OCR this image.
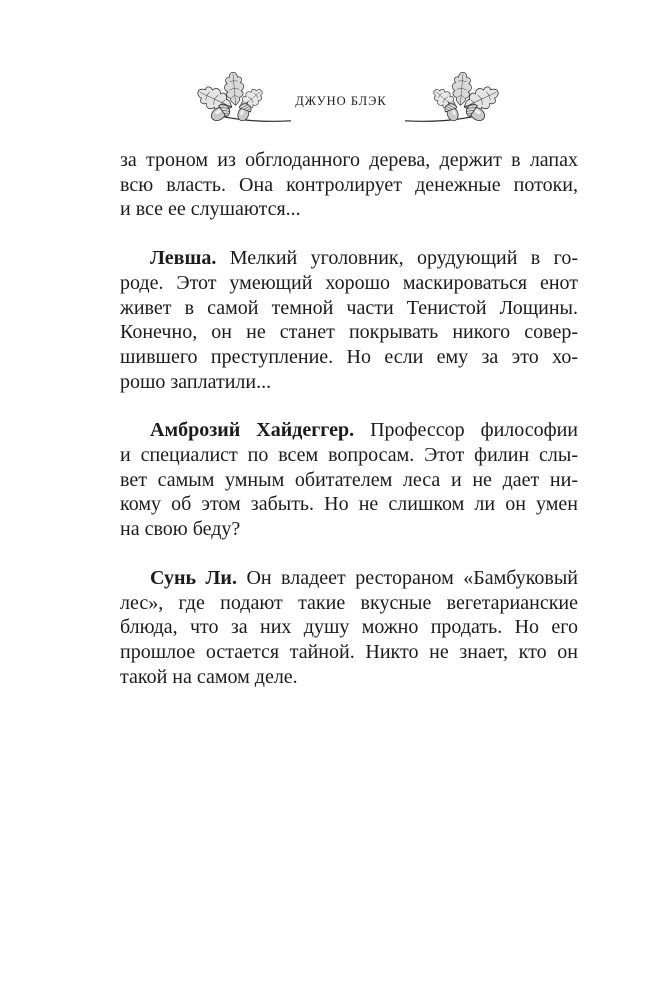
ДЖУНО БЛЭК

за троном из обглоданного дерева, держит в лапах
всю власть. Она контролирует денежные потоки,
и все ее слушаются...

Левша. Мелкий уголовник, орудующий в го-
роде. Этот умеющий хорошо маскироваться енот
живет в самой темной части Тенистой Лощины.
Конечно, он не станет покрывать никого совер-
шившего преступление. Но если ему за это хо-
рошо заплатили...

Амброзий Хайдеггер. Профессор философии
и специалист по всем вопросам. Этот филин слы-
вет самым умным обитателем леса и не дает ни-
кому об этом забыть. Но не слишком ли он умен
на свою беду?

Сунь Ли. Он владеет рестораном «Бамбуковый
лес», где подают такие вкусные вегетарианские
блюда, что за них душу можно продать. Но его
прошлое остается тайной. Никто не знает, кто он
такой на самом деле.
